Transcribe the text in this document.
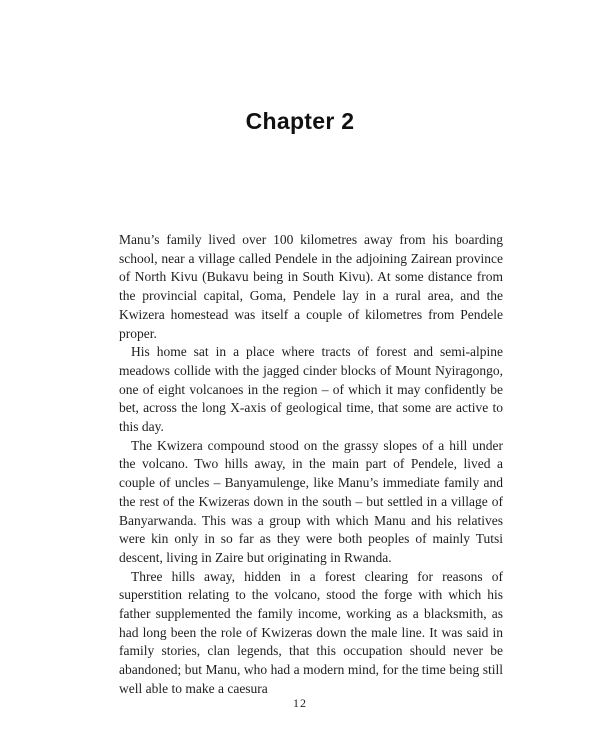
Chapter 2

Manu’s family lived over 100 kilometres away from his boarding school, near a village called Pendele in the adjoining Zairean province of North Kivu (Bukavu being in South Kivu). At some distance from the provincial capital, Goma, Pendele lay in a rural area, and the Kwizera homestead was itself a couple of kilometres from Pendele proper.

His home sat in a place where tracts of forest and semi-alpine meadows collide with the jagged cinder blocks of Mount Nyiragongo, one of eight volcanoes in the region – of which it may confidently be bet, across the long X-axis of geological time, that some are active to this day.

The Kwizera compound stood on the grassy slopes of a hill under the volcano. Two hills away, in the main part of Pendele, lived a couple of uncles – Banyamulenge, like Manu’s immediate family and the rest of the Kwizeras down in the south – but settled in a village of Banyarwanda. This was a group with which Manu and his relatives were kin only in so far as they were both peoples of mainly Tutsi descent, living in Zaire but originating in Rwanda.

Three hills away, hidden in a forest clearing for reasons of superstition relating to the volcano, stood the forge with which his father supplemented the family income, working as a blacksmith, as had long been the role of Kwizeras down the male line. It was said in family stories, clan legends, that this occupation should never be abandoned; but Manu, who had a modern mind, for the time being still well able to make a caesura

12
